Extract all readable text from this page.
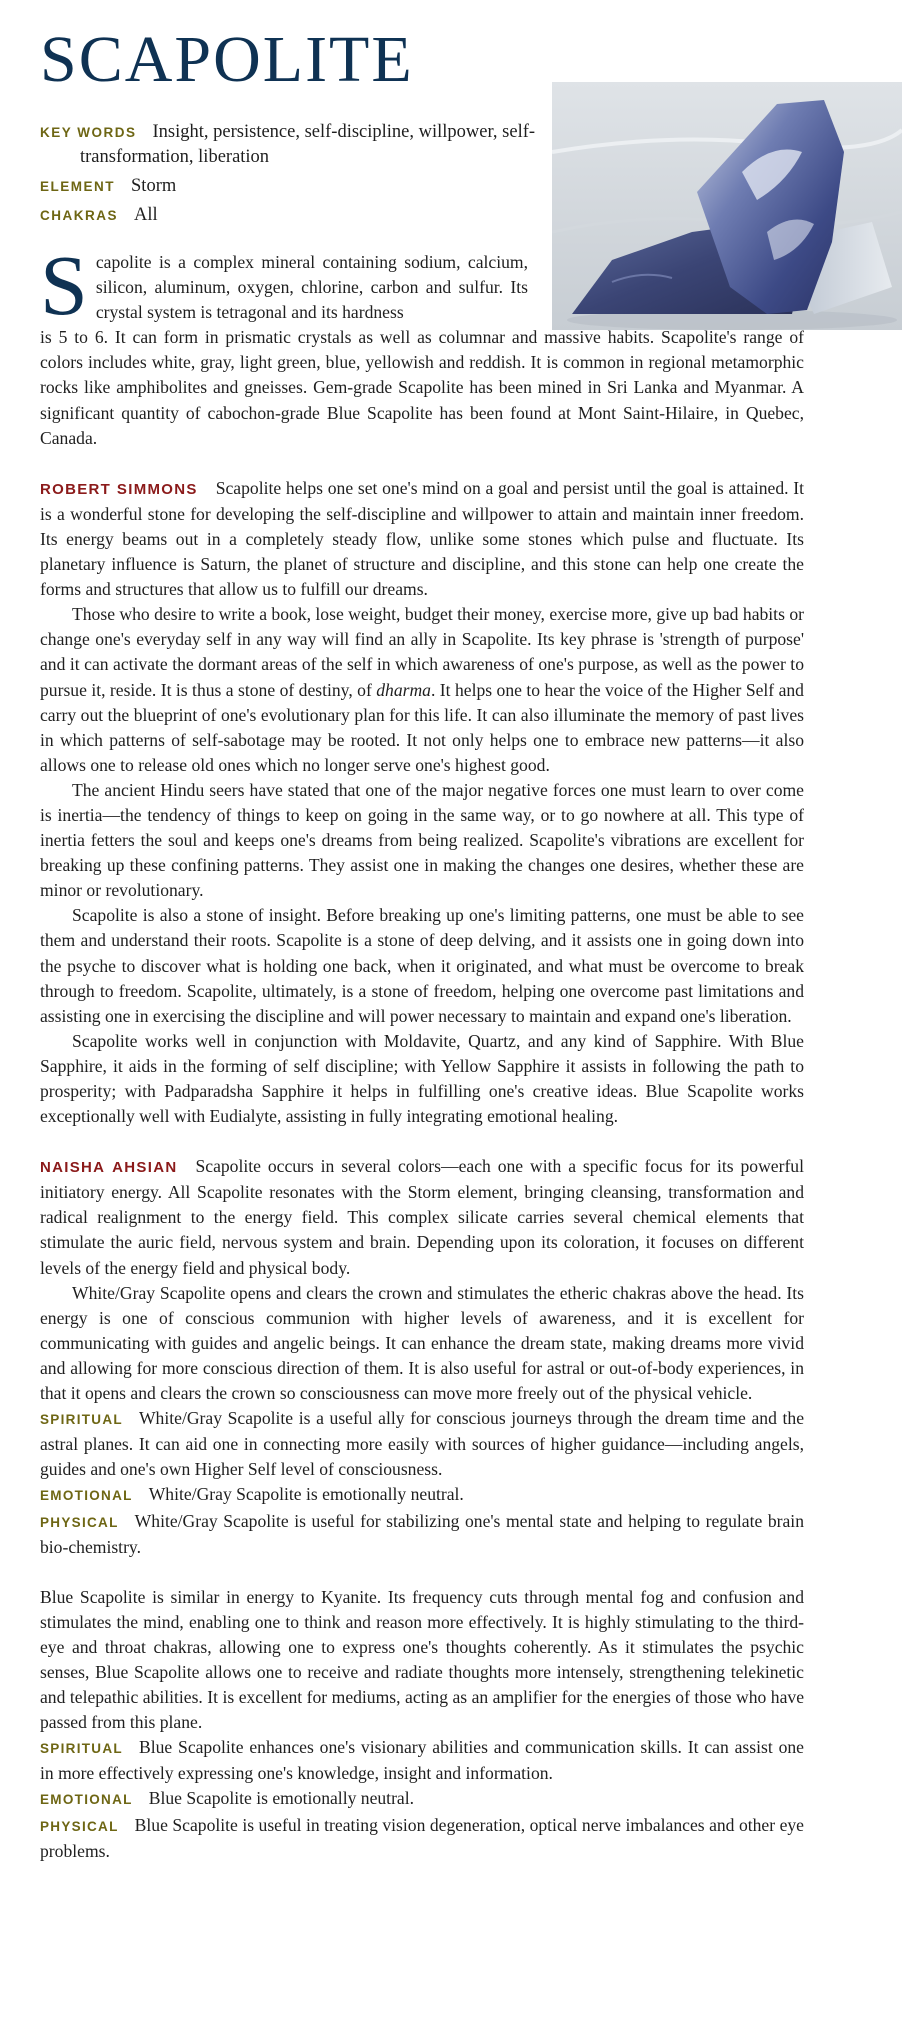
SCAPOLITE
KEY WORDS Insight, persistence, self-discipline, willpower, self-transformation, liberation
ELEMENT Storm
CHAKRAS All
S capolite is a complex mineral containing sodium, calcium, silicon, aluminum, oxygen, chlorine, carbon and sulfur. Its crystal system is tetragonal and its hardness

is 5 to 6. It can form in prismatic crystals as well as columnar and massive habits. Scapolite's range of colors includes white, gray, light green, blue, yellowish and reddish. It is common in regional metamorphic rocks like amphibolites and gneisses. Gem-grade Scapolite has been mined in Sri Lanka and Myanmar. A significant quantity of cabochon-grade Blue Scapolite has been found at Mont Saint-Hilaire, in Quebec, Canada.

ROBERT SIMMONS Scapolite helps one set one's mind on a goal and persist until the goal is attained. It is a wonderful stone for developing the self-discipline and willpower to attain and maintain inner freedom. Its energy beams out in a completely steady flow, unlike some stones which pulse and fluctuate. Its planetary influence is Saturn, the planet of structure and discipline, and this stone can help one create the forms and structures that allow us to fulfill our dreams.

Those who desire to write a book, lose weight, budget their money, exercise more, give up bad habits or change one's everyday self in any way will find an ally in Scapolite. Its key phrase is 'strength of purpose' and it can activate the dormant areas of the self in which awareness of one's purpose, as well as the power to pursue it, reside. It is thus a stone of destiny, of dharma. It helps one to hear the voice of the Higher Self and carry out the blueprint of one's evolutionary plan for this life. It can also illuminate the memory of past lives in which patterns of self-sabotage may be rooted. It not only helps one to embrace new patterns—it also allows one to release old ones which no longer serve one's highest good.

The ancient Hindu seers have stated that one of the major negative forces one must learn to over come is inertia—the tendency of things to keep on going in the same way, or to go nowhere at all. This type of inertia fetters the soul and keeps one's dreams from being realized. Scapolite's vibrations are excellent for breaking up these confining patterns. They assist one in making the changes one desires, whether these are minor or revolutionary.

Scapolite is also a stone of insight. Before breaking up one's limiting patterns, one must be able to see them and understand their roots. Scapolite is a stone of deep delving, and it assists one in going down into the psyche to discover what is holding one back, when it originated, and what must be overcome to break through to freedom. Scapolite, ultimately, is a stone of freedom, helping one overcome past limitations and assisting one in exercising the discipline and will power necessary to maintain and expand one's liberation.

Scapolite works well in conjunction with Moldavite, Quartz, and any kind of Sapphire. With Blue Sapphire, it aids in the forming of self discipline; with Yellow Sapphire it assists in following the path to prosperity; with Padparadsha Sapphire it helps in fulfilling one's creative ideas. Blue Scapolite works exceptionally well with Eudialyte, assisting in fully integrating emotional healing.

NAISHA AHSIAN Scapolite occurs in several colors—each one with a specific focus for its powerful initiatory energy. All Scapolite resonates with the Storm element, bringing cleansing, transformation and radical realignment to the energy field. This complex silicate carries several chemical elements that stimulate the auric field, nervous system and brain. Depending upon its coloration, it focuses on different levels of the energy field and physical body.

White/Gray Scapolite opens and clears the crown and stimulates the etheric chakras above the head. Its energy is one of conscious communion with higher levels of awareness, and it is excellent for communicating with guides and angelic beings. It can enhance the dream state, making dreams more vivid and allowing for more conscious direction of them. It is also useful for astral or out-of-body experiences, in that it opens and clears the crown so consciousness can move more freely out of the physical vehicle.

SPIRITUAL White/Gray Scapolite is a useful ally for conscious journeys through the dream time and the astral planes. It can aid one in connecting more easily with sources of higher guidance—including angels, guides and one's own Higher Self level of consciousness.

EMOTIONAL White/Gray Scapolite is emotionally neutral.

PHYSICAL White/Gray Scapolite is useful for stabilizing one's mental state and helping to regulate brain bio-chemistry.

Blue Scapolite is similar in energy to Kyanite. Its frequency cuts through mental fog and confusion and stimulates the mind, enabling one to think and reason more effectively. It is highly stimulating to the third-eye and throat chakras, allowing one to express one's thoughts coherently. As it stimulates the psychic senses, Blue Scapolite allows one to receive and radiate thoughts more intensely, strengthening telekinetic and telepathic abilities. It is excellent for mediums, acting as an amplifier for the energies of those who have passed from this plane.

SPIRITUAL Blue Scapolite enhances one's visionary abilities and communication skills. It can assist one in more effectively expressing one's knowledge, insight and information.

EMOTIONAL Blue Scapolite is emotionally neutral.

PHYSICAL Blue Scapolite is useful in treating vision degeneration, optical nerve imbalances and other eye problems.
